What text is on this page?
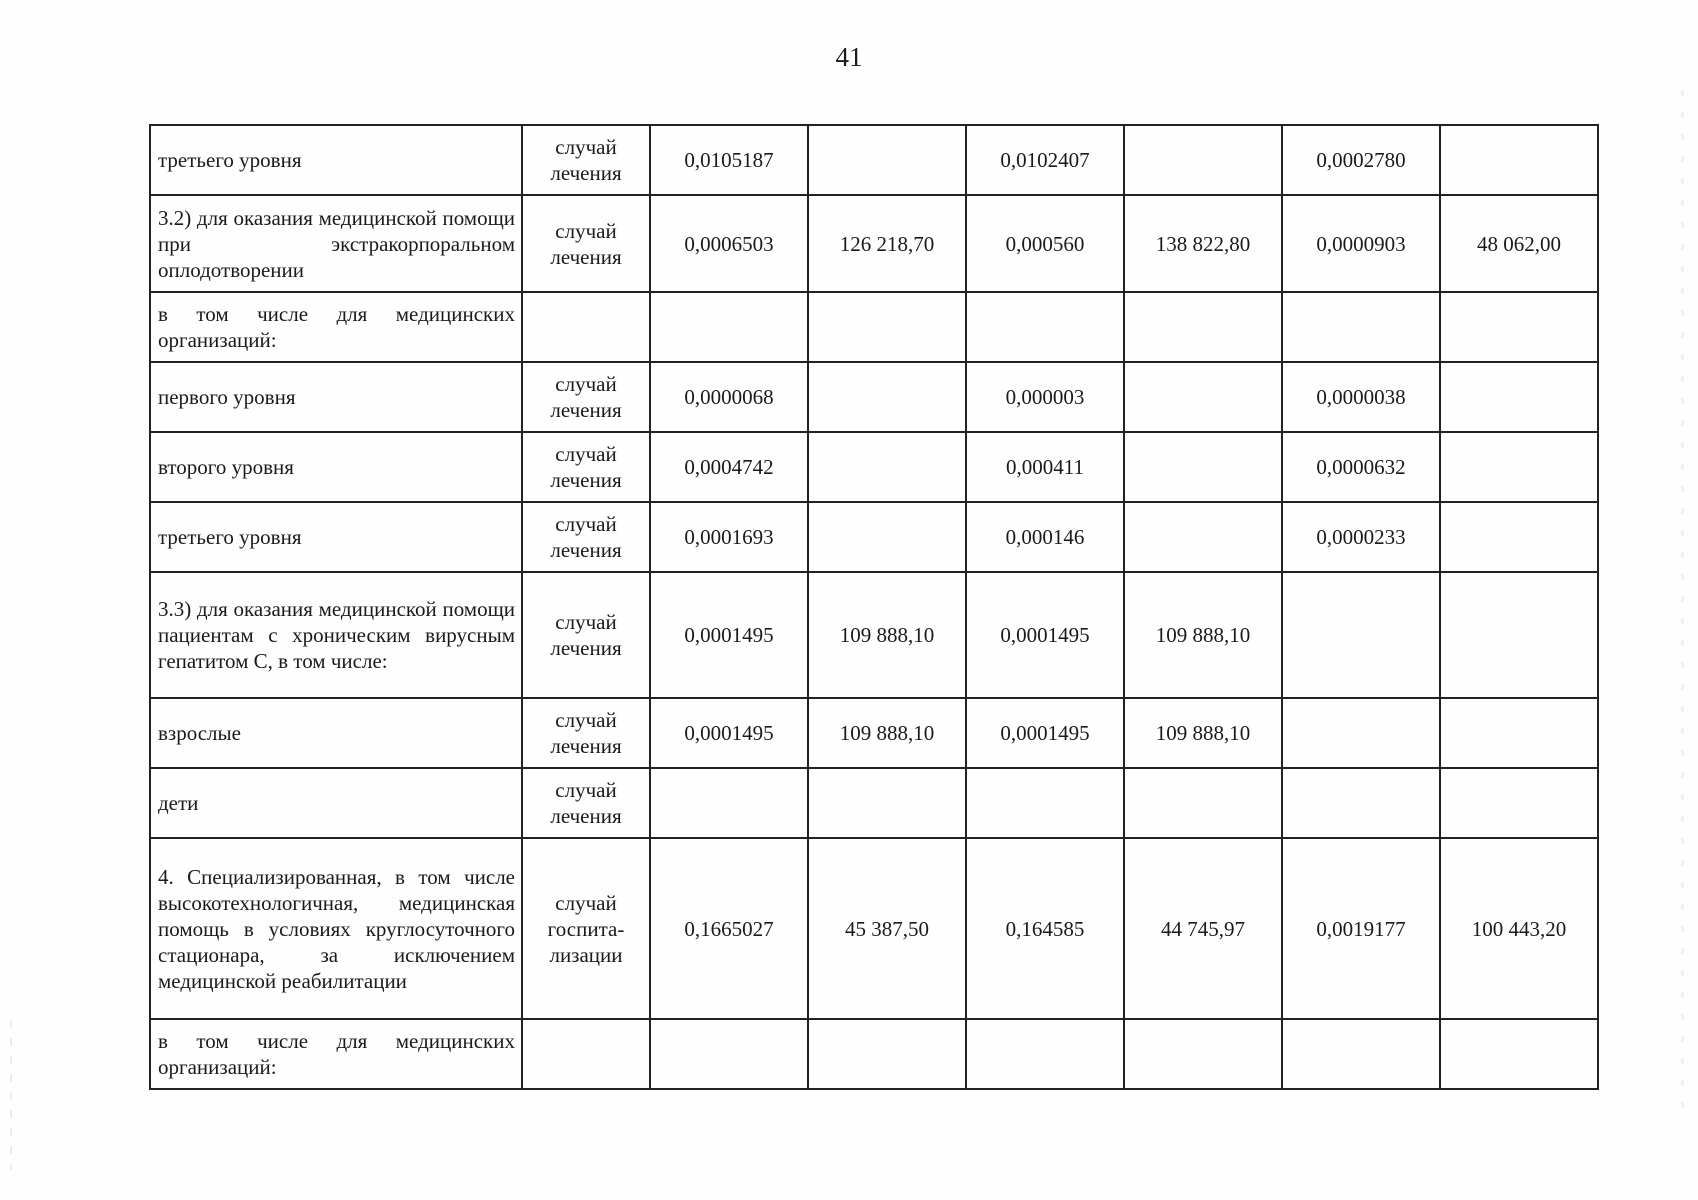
41
третьего уровня	случай
лечения	0,0105187		0,0102407		0,0002780	
3.2) для оказания медицинской помощи при экстракорпоральном оплодотворении	случай
лечения	0,0006503	126 218,70	0,000560	138 822,80	0,0000903	48 062,00
в том числе для медицинских организаций:	

первого уровня	случай
лечения	0,0000068		0,000003		0,0000038	
второго уровня	случай
лечения	0,0004742		0,000411		0,0000632	
третьего уровня	случай
лечения	0,0001693		0,000146		0,0000233	
3.3) для оказания медицинской помощи пациентам с хроническим вирусным гепатитом С, в том числе:	случай
лечения	0,0001495	109 888,10	0,0001495	109 888,10		
взрослые	случай
лечения	0,0001495	109 888,10	0,0001495	109 888,10		
дети	случай
лечения						

4. Специализированная, в том числе высокотехнологичная, медицинская помощь в условиях круглосуточного стационара, за исключением медицинской реабилитации	случай
госпита-
лизации	0,1665027	45 387,50	0,164585	44 745,97	0,0019177	100 443,20
в том числе для медицинских организаций:	
